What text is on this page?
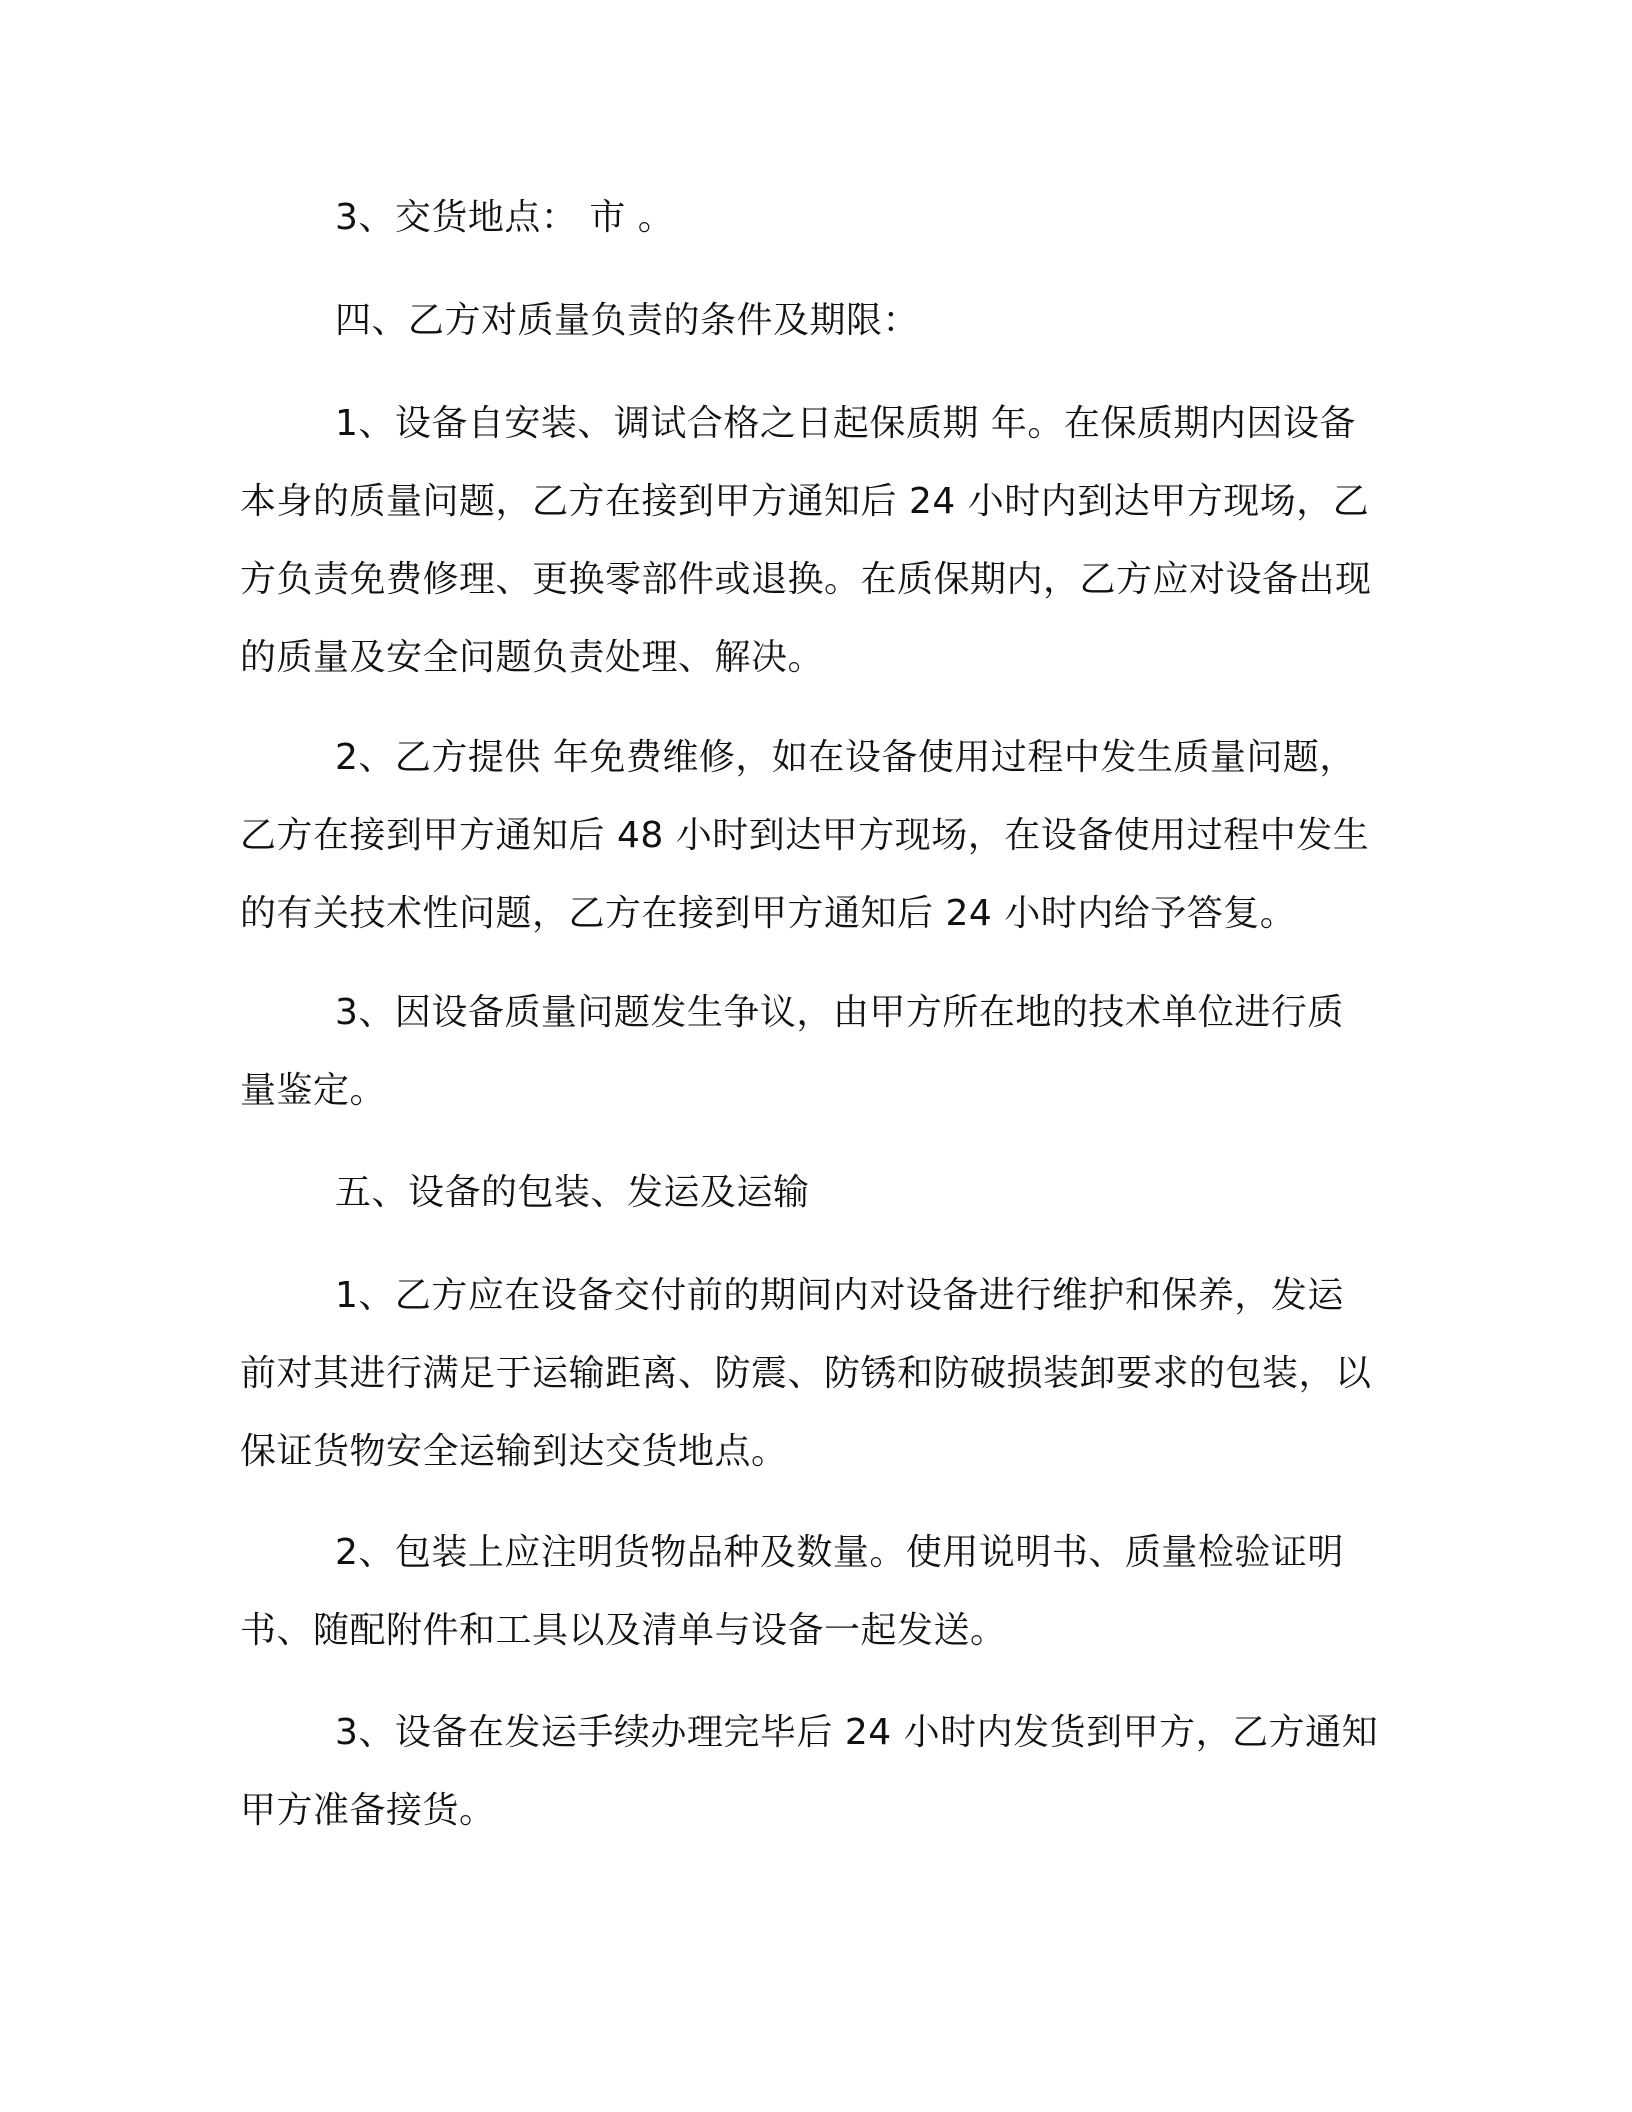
3、交货地点： 市 。

四、乙方对质量负责的条件及期限：

1、设备自安装、调试合格之日起保质期 年。在保质期内因设备本身的质量问题，乙方在接到甲方通知后 24 小时内到达甲方现场，乙方负责免费修理、更换零部件或退换。在质保期内，乙方应对设备出现的质量及安全问题负责处理、解决。

2、乙方提供 年免费维修，如在设备使用过程中发生质量问题，乙方在接到甲方通知后 48 小时到达甲方现场，在设备使用过程中发生的有关技术性问题，乙方在接到甲方通知后 24 小时内给予答复。

3、因设备质量问题发生争议，由甲方所在地的技术单位进行质量鉴定。

五、设备的包装、发运及运输

1、乙方应在设备交付前的期间内对设备进行维护和保养，发运前对其进行满足于运输距离、防震、防锈和防破损装卸要求的包装，以保证货物安全运输到达交货地点。

2、包装上应注明货物品种及数量。使用说明书、质量检验证明书、随配附件和工具以及清单与设备一起发送。

3、设备在发运手续办理完毕后 24 小时内发货到甲方，乙方通知甲方准备接货。
